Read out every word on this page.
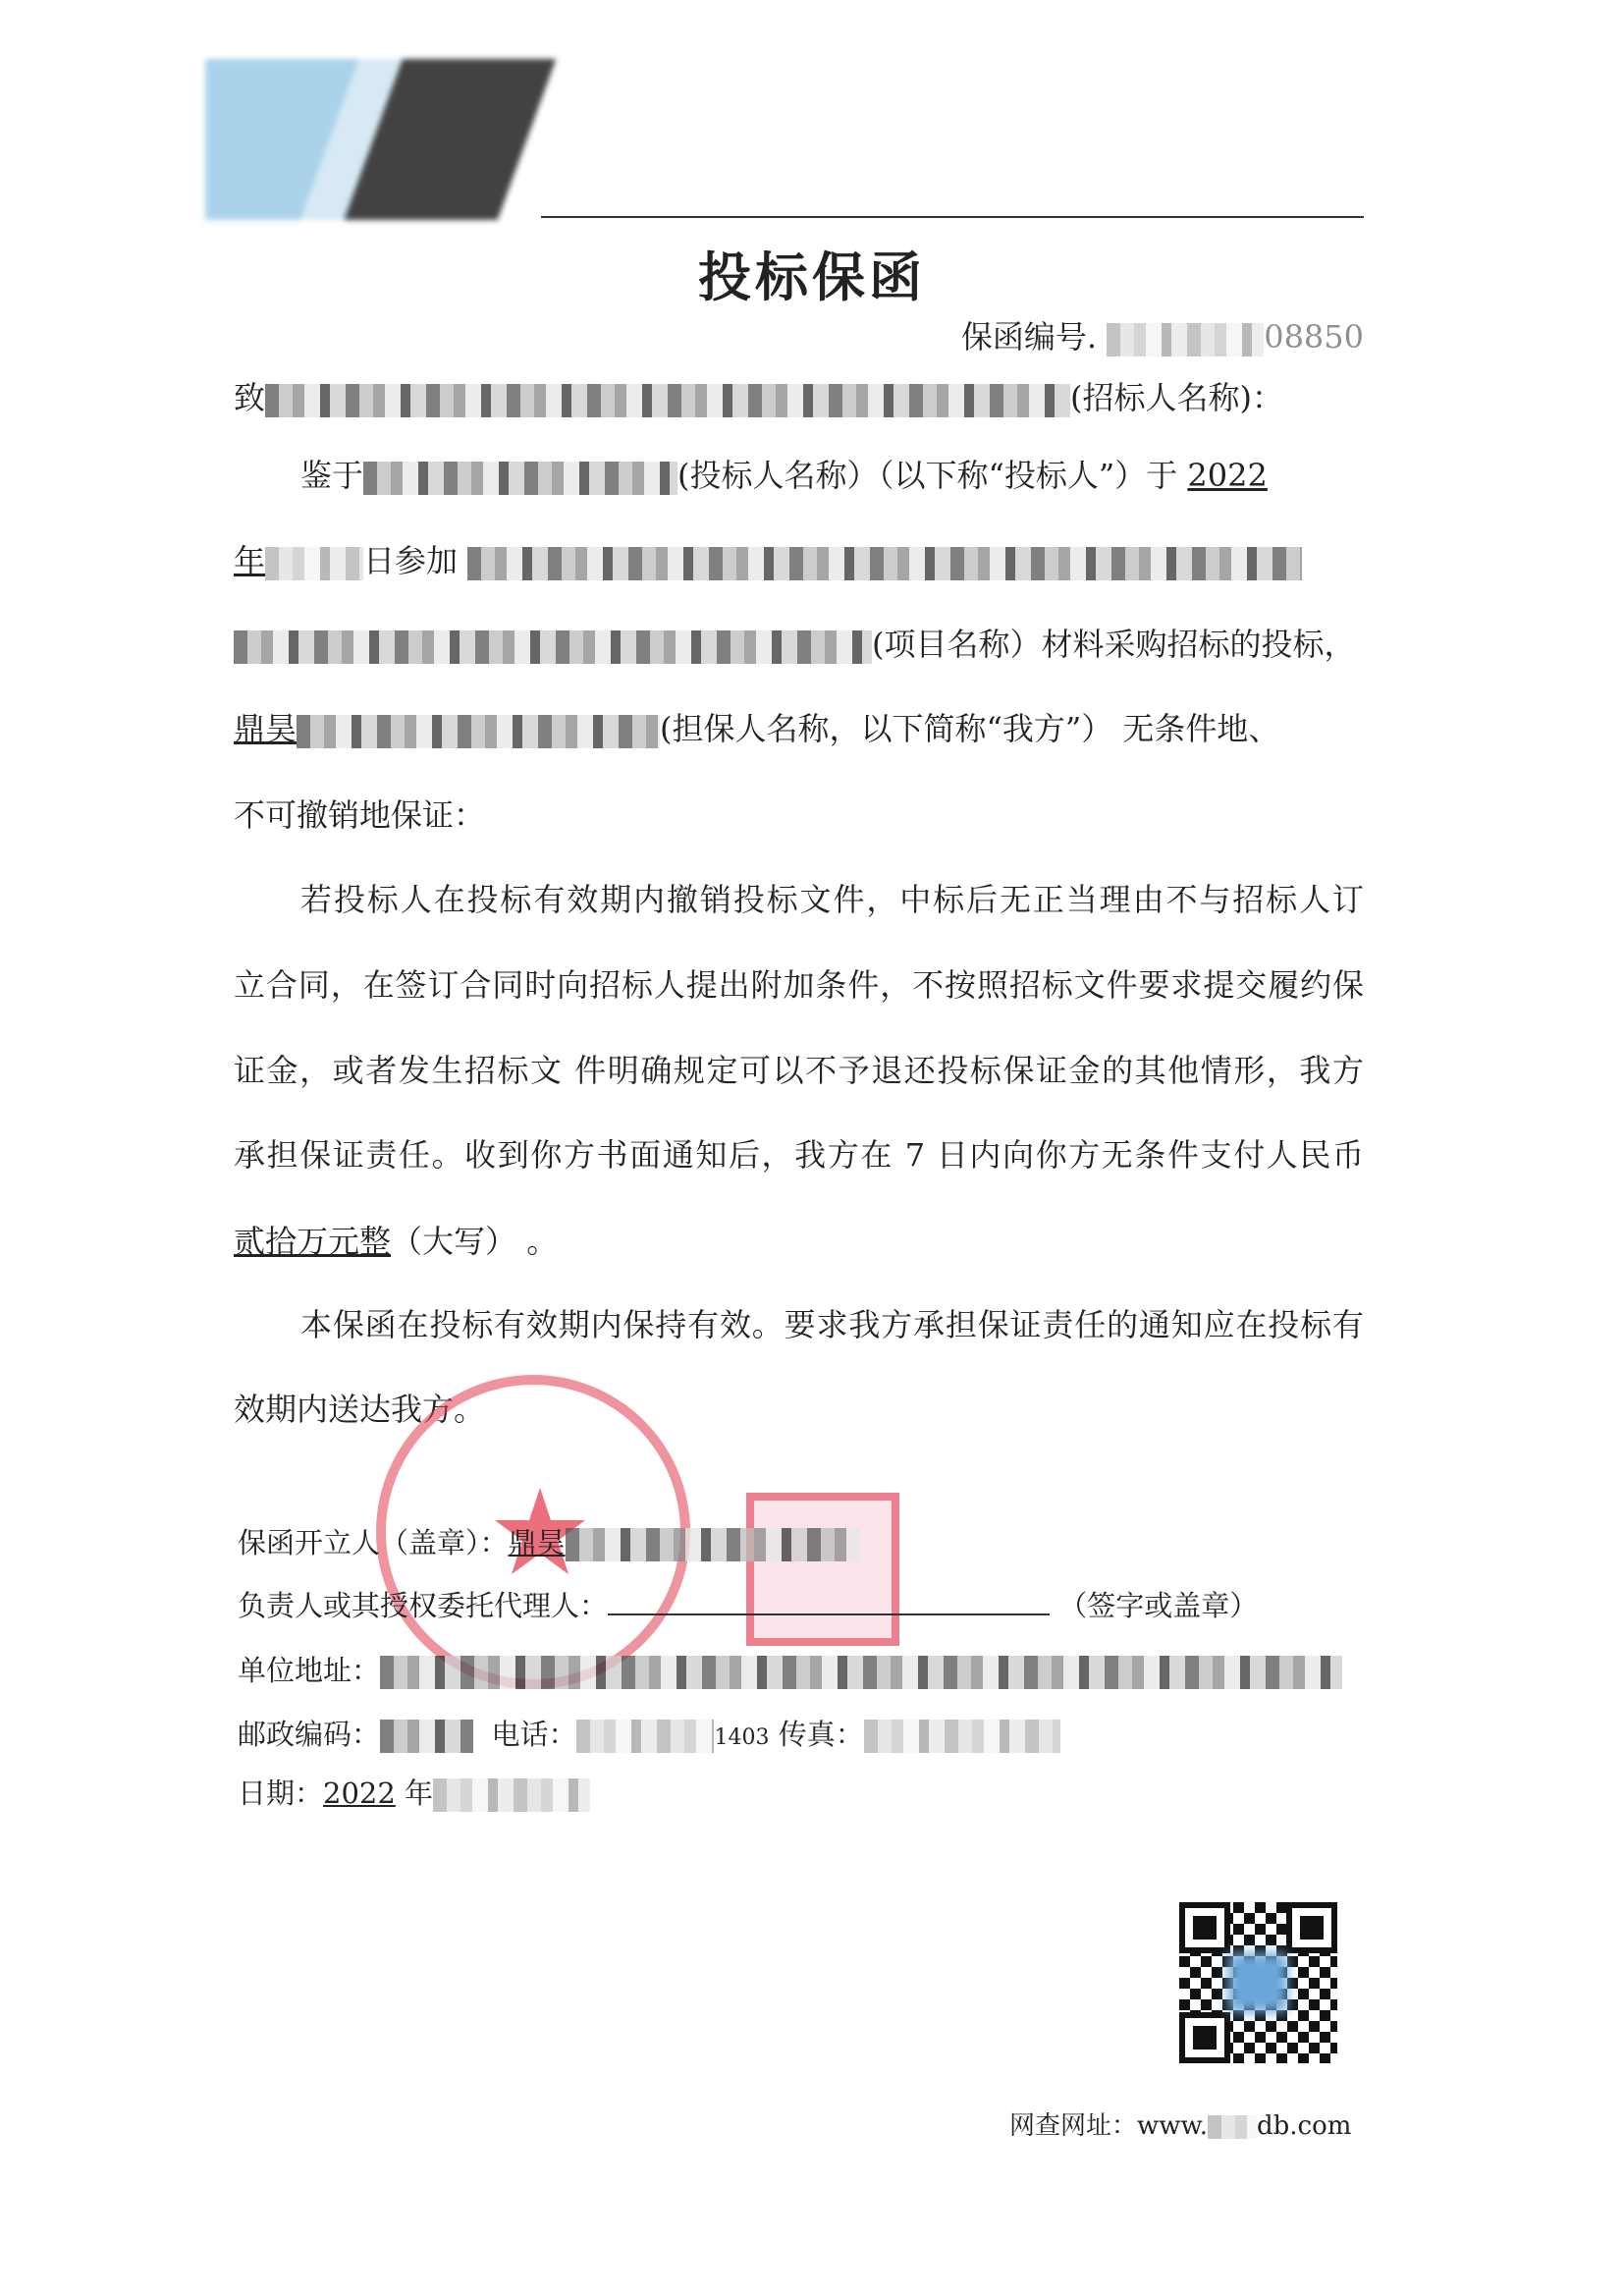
投标保函
保函编号.	08850
致	(招标人名称)：
鉴于	(投标人名称）（以下称“投标人”）于 2022
年	日参加
(项目名称）材料采购招标的投标，
鼎昊	(担保人名称，以下简称“我方”） 无条件地、
不可撤销地保证：
若投标人在投标有效期内撤销投标文件，中标后无正当理由不与招标人订
立合同，在签订合同时向招标人提出附加条件，不按照招标文件要求提交履约保
证金，或者发生招标文 件明确规定可以不予退还投标保证金的其他情形，我方
承担保证责任。收到你方书面通知后，我方在 7 日内向你方无条件支付人民币
贰拾万元整（大写） 。
本保函在投标有效期内保持有效。要求我方承担保证责任的通知应在投标有
效期内送达我方。
保函开立人（盖章）：鼎昊
负责人或其授权委托代理人：	（签字或盖章）
单位地址：
邮政编码：	电话：	1403 传真：
日期：2022 年
网查网址：www. db.com
